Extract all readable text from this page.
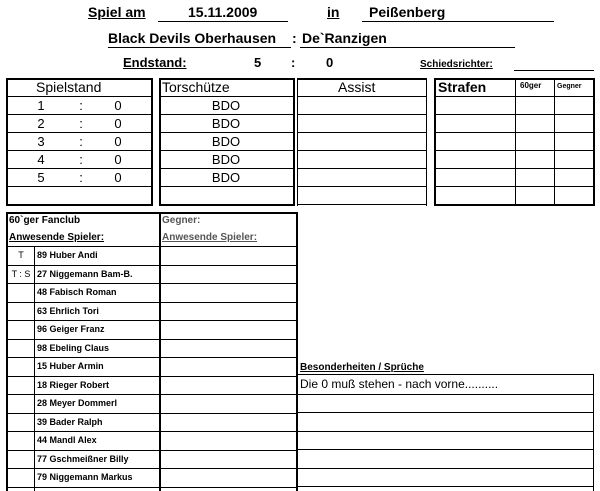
Spiel am	15.11.2009	in Peißenberg
Black Devils Oberhausen : De`Ranzigen
Endstand:	5 : 0	Schiedsrichter:
Spielstand	Torschütze	Assist	Strafen	60ger Gegner
1	:	0	BDO
2	:	0	BDO
3	:	0	BDO
4	:	0	BDO
5	:	0	BDO
60`ger Fanclub
Anwesende Spieler:
Gegner:
Anwesende Spieler:
T	89 Huber Andi
T : S 27 Niggemann Bam-B.
48 Fabisch Roman
63 Ehrlich Tori
96 Geiger Franz
98 Ebeling Claus
15 Huber Armin
18 Rieger Robert
28 Meyer Dommerl
39 Bader Ralph
44 Mandl Alex
77 Gschmeißner Billy
79 Niggemann Markus
Besonderheiten / Sprüche
Die 0 muß stehen - nach vorne..........
